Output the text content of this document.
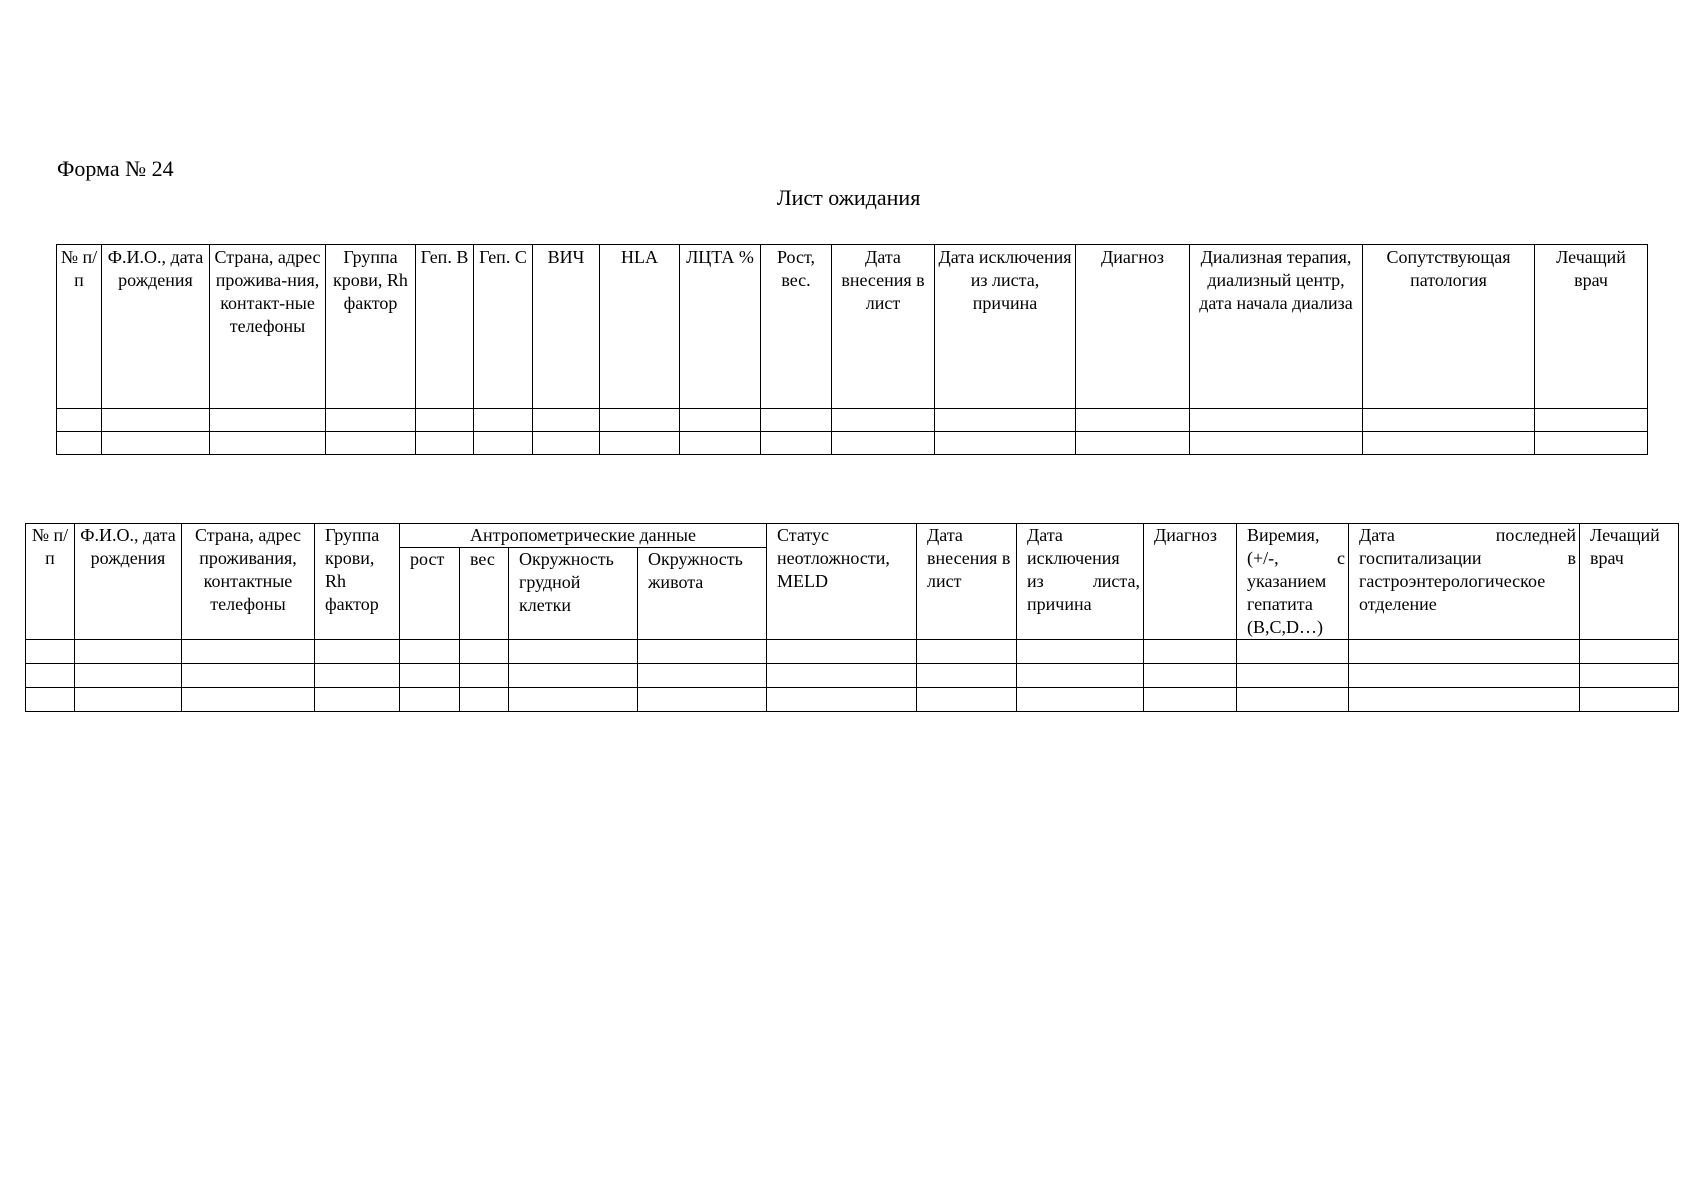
Форма № 24
Лист ожидания
№ п/п	Ф.И.О., дата рождения	Страна, адрес прожива-ния, контакт-ные телефоны	Группа крови, Rh фактор	Геп. В	Геп. С	ВИЧ	HLA	ЛЦТА %	Рост, вес.	Дата внесения в лист	Дата исключения из листа, причина	Диагноз	Диализная терапия, диализный центр, дата начала диализа	Сопутствующая патология	Лечащий врач

№ п/п	Ф.И.О., дата рождения	Страна, адрес проживания, контактные телефоны	Группа крови, Rh фактор	Антропометрические данные				Статус неотложности, MELD	Дата внесения в лист	Дата исключения из листа, причина	Диагноз	Виремия, (+/-, с указанием гепатита (B,C,D…)	Дата последней госпитализации в гастроэнтерологическое отделение	Лечащий врач
				рост	вес	Окружность грудной клетки	Окружность живота							
